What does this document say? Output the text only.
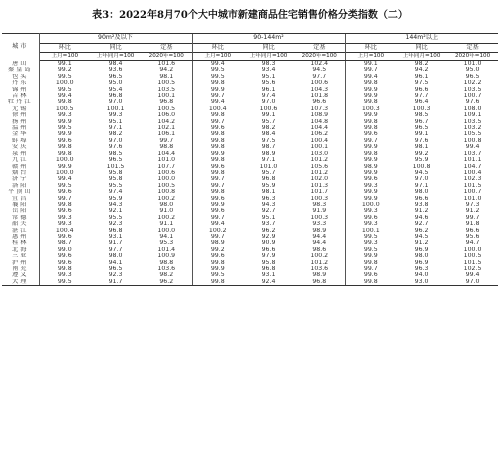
表3：2022年8月70个大中城市新建商品住宅销售价格分类指数（二）
城市	90m²及以下			90-144m²			144m²以上		
	环比	同比	定基	环比	同比	定基	环比	同比	定基
	上月=100	上年同月=100	2020年=100	上月=100	上年同月=100	2020年=100	上月=100	上年同月=100	2020年=100
唐山	99.1	98.4	101.6	99.4	98.3	102.4	99.1	98.2	101.0
秦皇岛	99.2	93.6	94.2	99.5	93.4	94.5	99.7	94.2	95.0
包头	99.5	96.5	98.1	99.5	95.1	97.7	99.4	96.1	96.5
丹东	100.0	95.0	100.5	99.8	95.6	100.6	99.8	97.5	102.2
锦州	99.5	95.4	103.5	99.9	96.1	104.3	99.9	96.6	103.5
吉林	99.4	96.8	100.1	99.7	97.4	101.8	99.9	97.7	100.7
牡丹江	99.8	97.0	96.8	99.4	97.0	96.6	99.8	96.4	97.6
无锡	100.5	100.1	100.5	100.4	100.6	107.3	100.3	100.3	108.0
徐州	99.3	99.3	106.0	99.8	99.1	108.9	99.9	98.5	109.1
扬州	99.9	95.1	104.2	99.7	95.7	104.8	99.8	96.7	103.5
温州	99.5	97.1	102.1	99.6	98.2	104.4	99.8	96.5	103.2
金华	99.9	98.2	106.1	99.8	98.4	106.2	99.6	99.1	105.5
蚌埠	99.6	97.0	99.7	99.8	97.5	100.4	99.7	97.6	100.8
安庆	99.8	97.6	98.8	99.8	98.7	100.1	99.9	98.1	99.4
泉州	99.8	98.5	104.4	99.9	98.9	103.0	99.8	99.2	103.7
九江	100.0	96.5	101.0	99.8	97.1	101.2	99.9	95.9	101.1
赣州	99.9	101.5	107.7	99.6	101.0	105.6	98.9	100.8	104.7
烟台	100.0	95.8	100.6	99.8	95.7	101.2	99.9	94.5	100.4
济宁	99.4	95.8	100.0	99.7	96.8	102.0	99.6	97.0	102.3
洛阳	99.5	95.5	100.5	99.7	95.9	101.3	99.3	97.1	101.5
平顶山	99.6	97.4	100.8	99.8	98.1	101.7	99.9	98.0	100.7
宜昌	99.7	95.9	100.2	99.6	96.3	100.3	99.9	96.6	101.0
襄阳	99.8	94.3	98.0	99.9	94.3	98.3	100.0	93.8	97.3
岳阳	99.6	92.1	91.0	99.6	92.7	91.9	99.3	91.2	91.2
常德	99.3	95.5	100.2	99.7	95.1	100.3	99.6	94.6	99.7
韶关	99.3	92.3	91.1	99.4	93.7	93.3	99.3	92.7	91.8
湛江	100.4	96.8	100.0	100.2	96.2	98.9	100.1	96.2	96.6
惠州	99.6	93.1	94.1	99.7	92.9	94.4	99.5	94.5	95.6
桂林	98.7	91.7	95.3	98.9	90.9	94.4	99.3	91.2	94.7
北海	99.0	97.7	101.4	99.2	96.6	98.6	99.5	96.9	100.0
三亚	99.6	98.0	100.9	99.6	97.9	100.2	99.9	98.0	100.5
泸州	99.6	94.1	98.8	99.8	95.8	101.2	99.8	96.9	101.5
南充	99.8	96.5	103.6	99.9	96.8	103.6	99.7	96.3	102.5
遵义	99.3	92.3	98.2	99.5	93.1	98.9	99.6	94.0	99.4
大理	99.5	91.7	96.2	99.8	92.4	96.8	99.8	93.0	97.0
